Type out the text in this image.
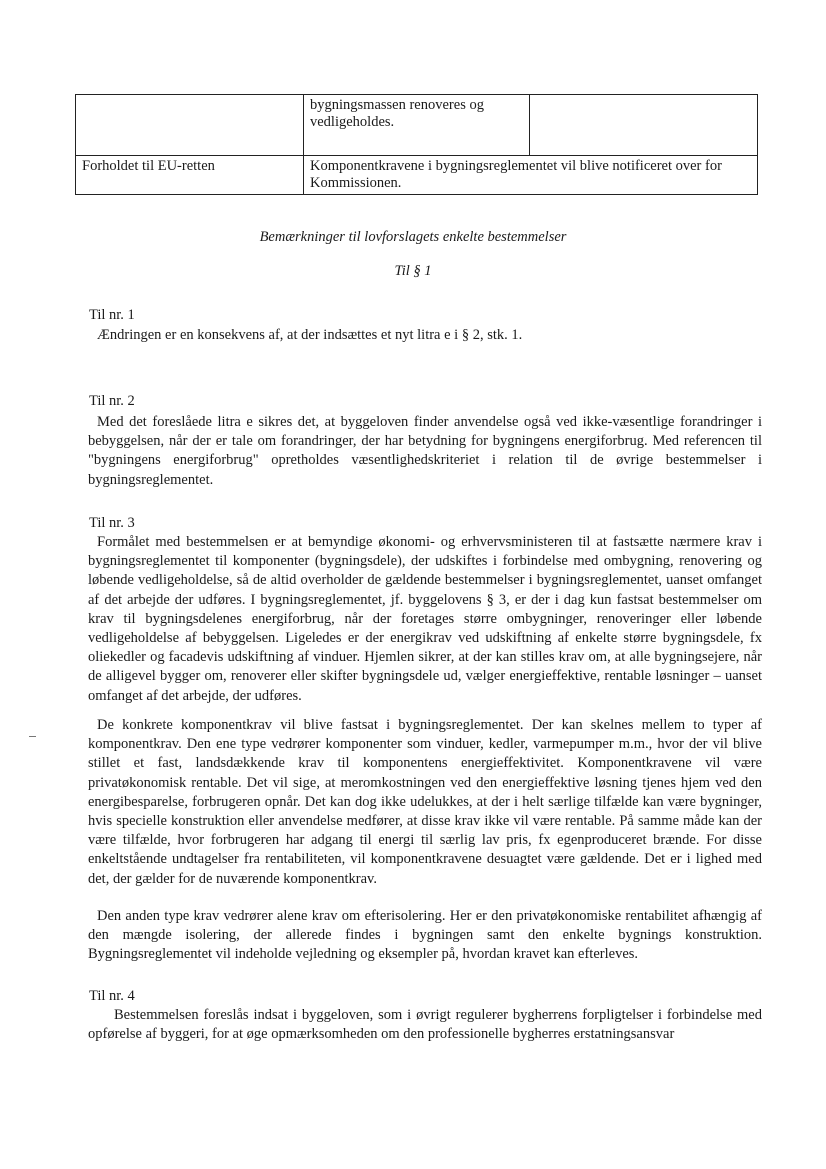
	bygningsmassen renoveres og vedligeholdes.	
Forholdet til EU-retten	Komponentkravene i bygningsreglementet vil blive notificeret over for Kommissionen.	
Bemærkninger til lovforslagets enkelte bestemmelser
Til § 1
Til nr. 1

Ændringen er en konsekvens af, at der indsættes et nyt litra e i § 2, stk. 1.

Til nr. 2

Med det foreslåede litra e sikres det, at byggeloven finder anvendelse også ved ikke-væsentlige forandringer i bebyggelsen, når der er tale om forandringer, der har betydning for bygningens energiforbrug. Med referencen til "bygningens energiforbrug" opretholdes væsentlighedskriteriet i relation til de øvrige bestemmelser i bygningsreglementet.

Til nr. 3

Formålet med bestemmelsen er at bemyndige økonomi- og erhvervsministeren til at fastsætte nærmere krav i bygningsreglementet til komponenter (bygningsdele), der udskiftes i forbindelse med ombygning, renovering og løbende vedligeholdelse, så de altid overholder de gældende bestemmelser i bygningsreglementet, uanset omfanget af det arbejde der udføres. I bygningsreglementet, jf. byggelovens § 3, er der i dag kun fastsat bestemmelser om krav til bygningsdelenes energiforbrug, når der foretages større ombygninger, renoveringer eller løbende vedligeholdelse af bebyggelsen. Ligeledes er der energikrav ved udskiftning af enkelte større bygningsdele, fx oliekedler og facadevis udskiftning af vinduer. Hjemlen sikrer, at der kan stilles krav om, at alle bygningsejere, når de alligevel bygger om, renoverer eller skifter bygningsdele ud, vælger energieffektive, rentable løsninger – uanset omfanget af det arbejde, der udføres.

De konkrete komponentkrav vil blive fastsat i bygningsreglementet. Der kan skelnes mellem to typer af komponentkrav. Den ene type vedrører komponenter som vinduer, kedler, varmepumper m.m., hvor der vil blive stillet et fast, landsdækkende krav til komponentens energieffektivitet. Komponentkravene vil være privatøkonomisk rentable. Det vil sige, at meromkostningen ved den energieffektive løsning tjenes hjem ved den energibesparelse, forbrugeren opnår. Det kan dog ikke udelukkes, at der i helt særlige tilfælde kan være bygninger, hvis specielle konstruktion eller anvendelse medfører, at disse krav ikke vil være rentable. På samme måde kan der være tilfælde, hvor forbrugeren har adgang til energi til særlig lav pris, fx egenproduceret brænde. For disse enkeltstående undtagelser fra rentabiliteten, vil komponentkravene desuagtet være gældende. Det er i lighed med det, der gælder for de nuværende komponentkrav.

Den anden type krav vedrører alene krav om efterisolering. Her er den privatøkonomiske rentabilitet afhængig af den mængde isolering, der allerede findes i bygningen samt den enkelte bygnings konstruktion. Bygningsreglementet vil indeholde vejledning og eksempler på, hvordan kravet kan efterleves.

Til nr. 4

Bestemmelsen foreslås indsat i byggeloven, som i øvrigt regulerer bygherrens forpligtelser i forbindelse med opførelse af byggeri, for at øge opmærksomheden om den professionelle bygherres erstatningsansvar
